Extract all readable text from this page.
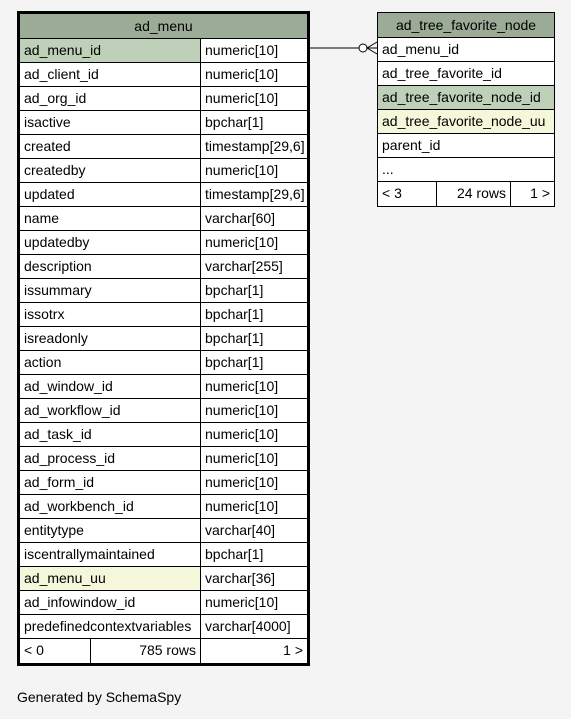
ad_menu
ad_menu_id	numeric[10]
ad_client_id	numeric[10]
ad_org_id	numeric[10]
isactive	bpchar[1]
created	timestamp[29,6]
createdby	numeric[10]
updated	timestamp[29,6]
name	varchar[60]
updatedby	numeric[10]
description	varchar[255]
issummary	bpchar[1]
issotrx	bpchar[1]
isreadonly	bpchar[1]
action	bpchar[1]
ad_window_id	numeric[10]
ad_workflow_id	numeric[10]
ad_task_id	numeric[10]
ad_process_id	numeric[10]
ad_form_id	numeric[10]
ad_workbench_id	numeric[10]
entitytype	varchar[40]
iscentrallymaintained	bpchar[1]
ad_menu_uu	varchar[36]
ad_infowindow_id	numeric[10]
predefinedcontextvariables varchar[4000]
< 0	785 rows	1 >
ad_tree_favorite_node
ad_menu_id
ad_tree_favorite_id
ad_tree_favorite_node_id
ad_tree_favorite_node_uu
parent_id
...
< 3	24 rows	1 >
Generated by SchemaSpy
